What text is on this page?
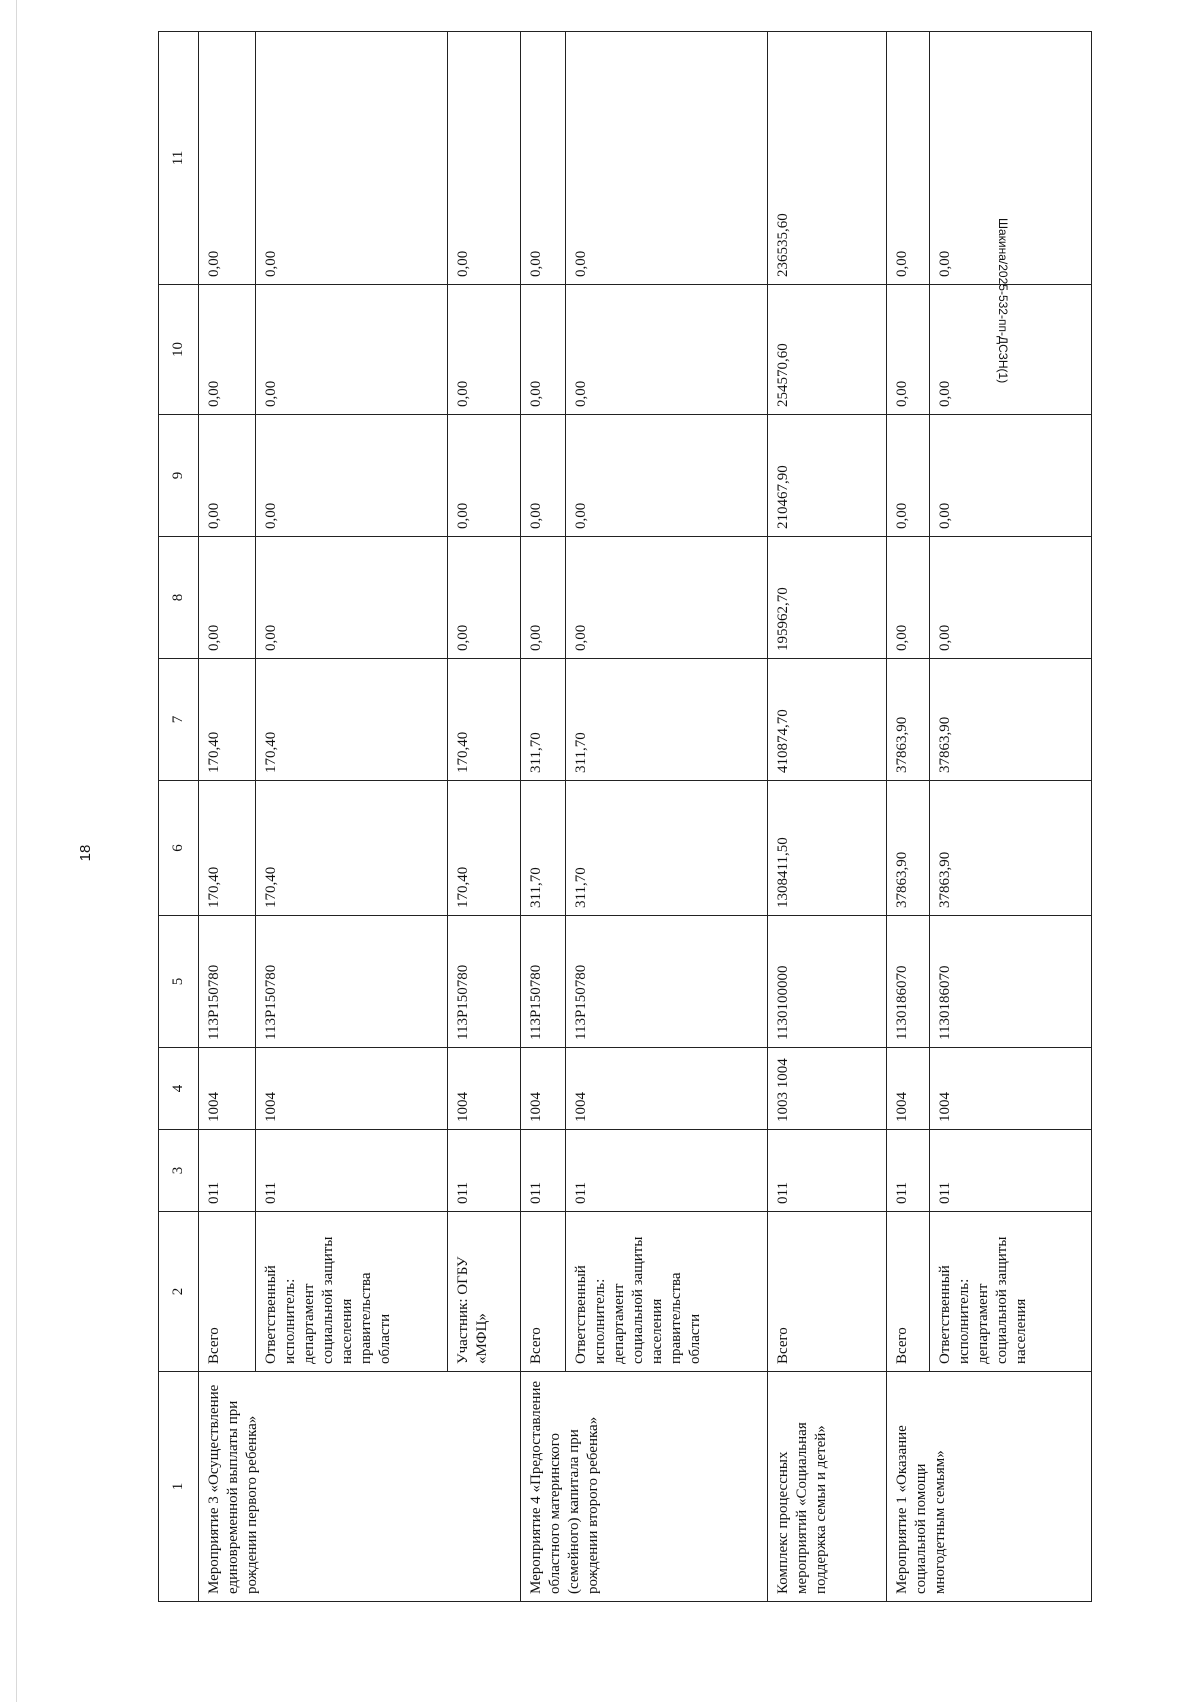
18
Шакина/2025-532-пп-ДСЗН(1)
1	2	3	4	5	6	7	8	9	10	11
Мероприятие 3 «Осуществление единовременной выплаты при рождении первого ребенка»	Всего	011	1004	113P150780	170,40	170,40	0,00	0,00	0,00	0,00
	Ответственный исполнитель: департамент социальной защиты населения правительства области	011	1004	113P150780	170,40	170,40	0,00	0,00	0,00	0,00
	Участник: ОГБУ «МФЦ»	011	1004	113P150780	170,40	170,40	0,00	0,00	0,00	0,00
Мероприятие 4 «Предоставление областного материнского (семейного) капитала при рождении второго ребенка»	Всего	011	1004	113P150780	311,70	311,70	0,00	0,00	0,00	0,00
	Ответственный исполнитель: департамент социальной защиты населения правительства области	011	1004	113P150780	311,70	311,70	0,00	0,00	0,00	0,00
Комплекс процессных мероприятий «Социальная поддержка семьи и детей»	Всего	011	1003 1004	1130100000	1308411,50	410874,70	195962,70	210467,90	254570,60	236535,60
Мероприятие 1 «Оказание социальной помощи многодетным семьям»	Всего	011	1004	1130186070	37863,90	37863,90	0,00	0,00	0,00	0,00
	Ответственный исполнитель: департамент социальной защиты населения	011	1004	1130186070	37863,90	37863,90	0,00	0,00	0,00	0,00
